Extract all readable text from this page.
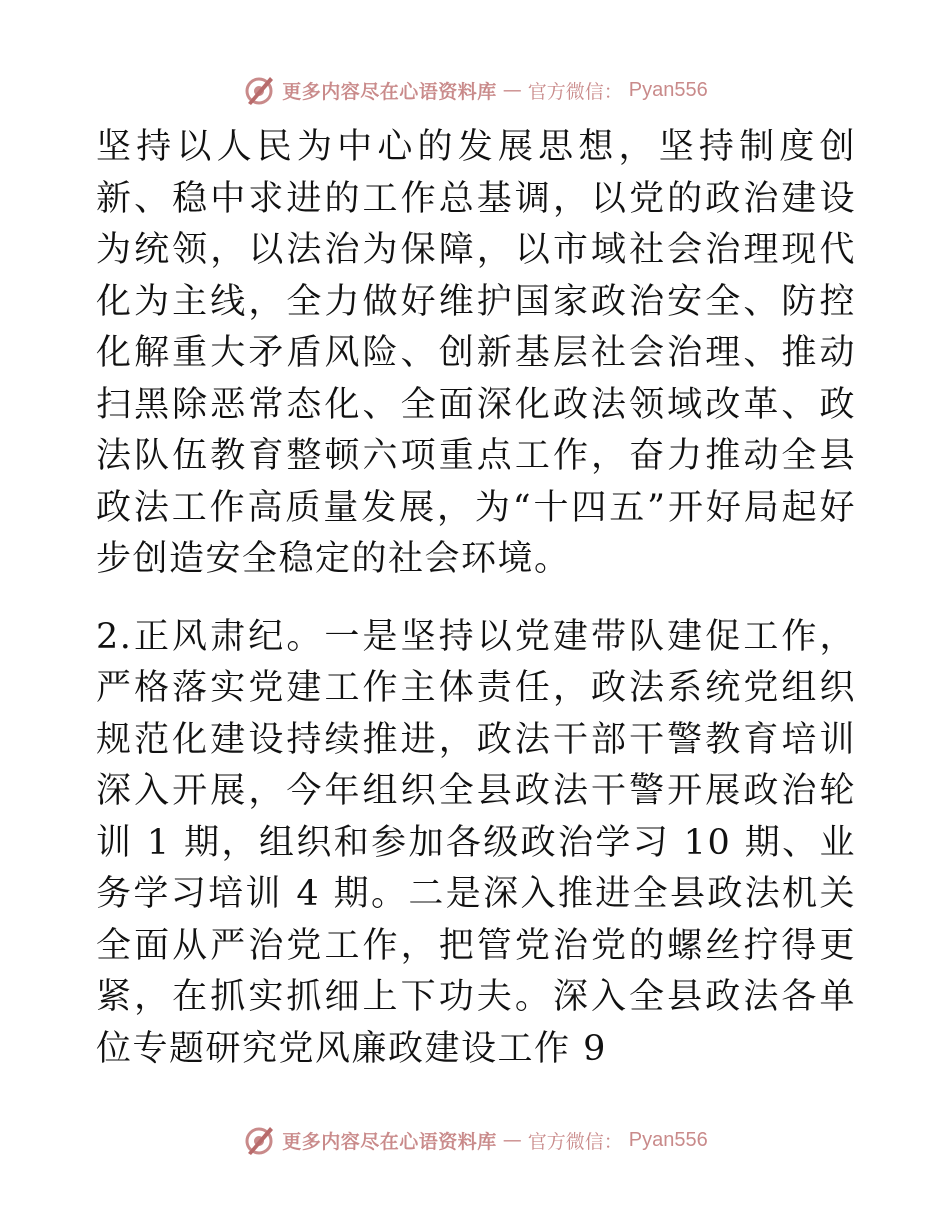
更多内容尽在心语资料库 — 官方微信： Pyan556

坚持以人民为中心的发展思想，坚持制度创新、稳中求进的工作总基调，以党的政治建设为统领，以法治为保障，以市域社会治理现代化为主线，全力做好维护国家政治安全、防控化解重大矛盾风险、创新基层社会治理、推动扫黑除恶常态化、全面深化政法领域改革、政法队伍教育整顿六项重点工作，奋力推动全县政法工作高质量发展，为“十四五”开好局起好步创造安全稳定的社会环境。

2.正风肃纪。一是坚持以党建带队建促工作，严格落实党建工作主体责任，政法系统党组织规范化建设持续推进，政法干部干警教育培训深入开展，今年组织全县政法干警开展政治轮训 1 期，组织和参加各级政治学习 10 期、业务学习培训 4 期。二是深入推进全县政法机关全面从严治党工作，把管党治党的螺丝拧得更紧，在抓实抓细上下功夫。深入全县政法各单位专题研究党风廉政建设工作 9

更多内容尽在心语资料库 — 官方微信： Pyan556
